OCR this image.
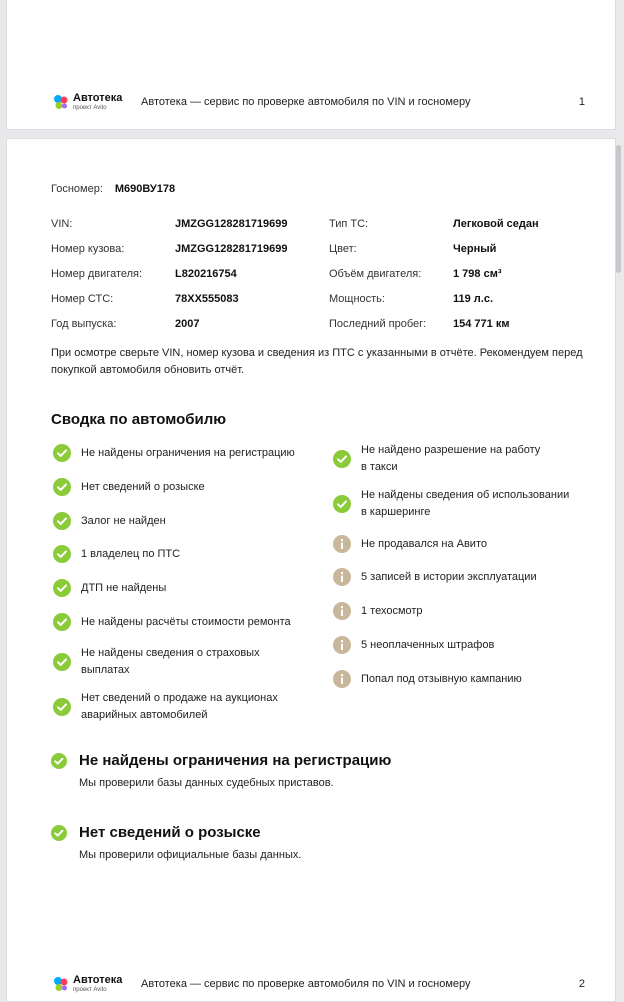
Автотека
проект Avito	Автотека — сервис по проверке автомобиля по VIN и госномеру	1
Госномер: М690ВУ178
VIN:	JMZGG128281719699	Тип ТС:	Легковой седан
Номер кузова:	JMZGG128281719699	Цвет:	Черный
Номер двигателя:	L820216754	Объём двигателя:	1 798 см³
Номер СТС:	78XX555083	Мощность:	119 л.с.
Год выпуска:	2007	Последний пробег: 154 771 км
При осмотре сверьте VIN, номер кузова и сведения из ПТС с указанными в отчёте. Рекомендуем перед покупкой автомобиля обновить отчёт.
Сводка по автомобилю
Не найдены ограничения на регистрацию
Нет сведений о розыске
Залог не найден
1 владелец по ПТС
ДТП не найдены
Не найдены расчёты стоимости ремонта
Не найдены сведения о страховых
выплатах
Нет сведений о продаже на аукционах
аварийных автомобилей
Не найдено разрешение на работу
в такси
Не найдены сведения об использовании
в каршеринге
Не продавался на Авито
5 записей в истории эксплуатации
1 техосмотр
5 неоплаченных штрафов
Попал под отзывную кампанию
Не найдены ограничения на регистрацию
Мы проверили базы данных судебных приставов.
Нет сведений о розыске
Мы проверили официальные базы данных.
Автотека
проект Avito	Автотека — сервис по проверке автомобиля по VIN и госномеру	2
